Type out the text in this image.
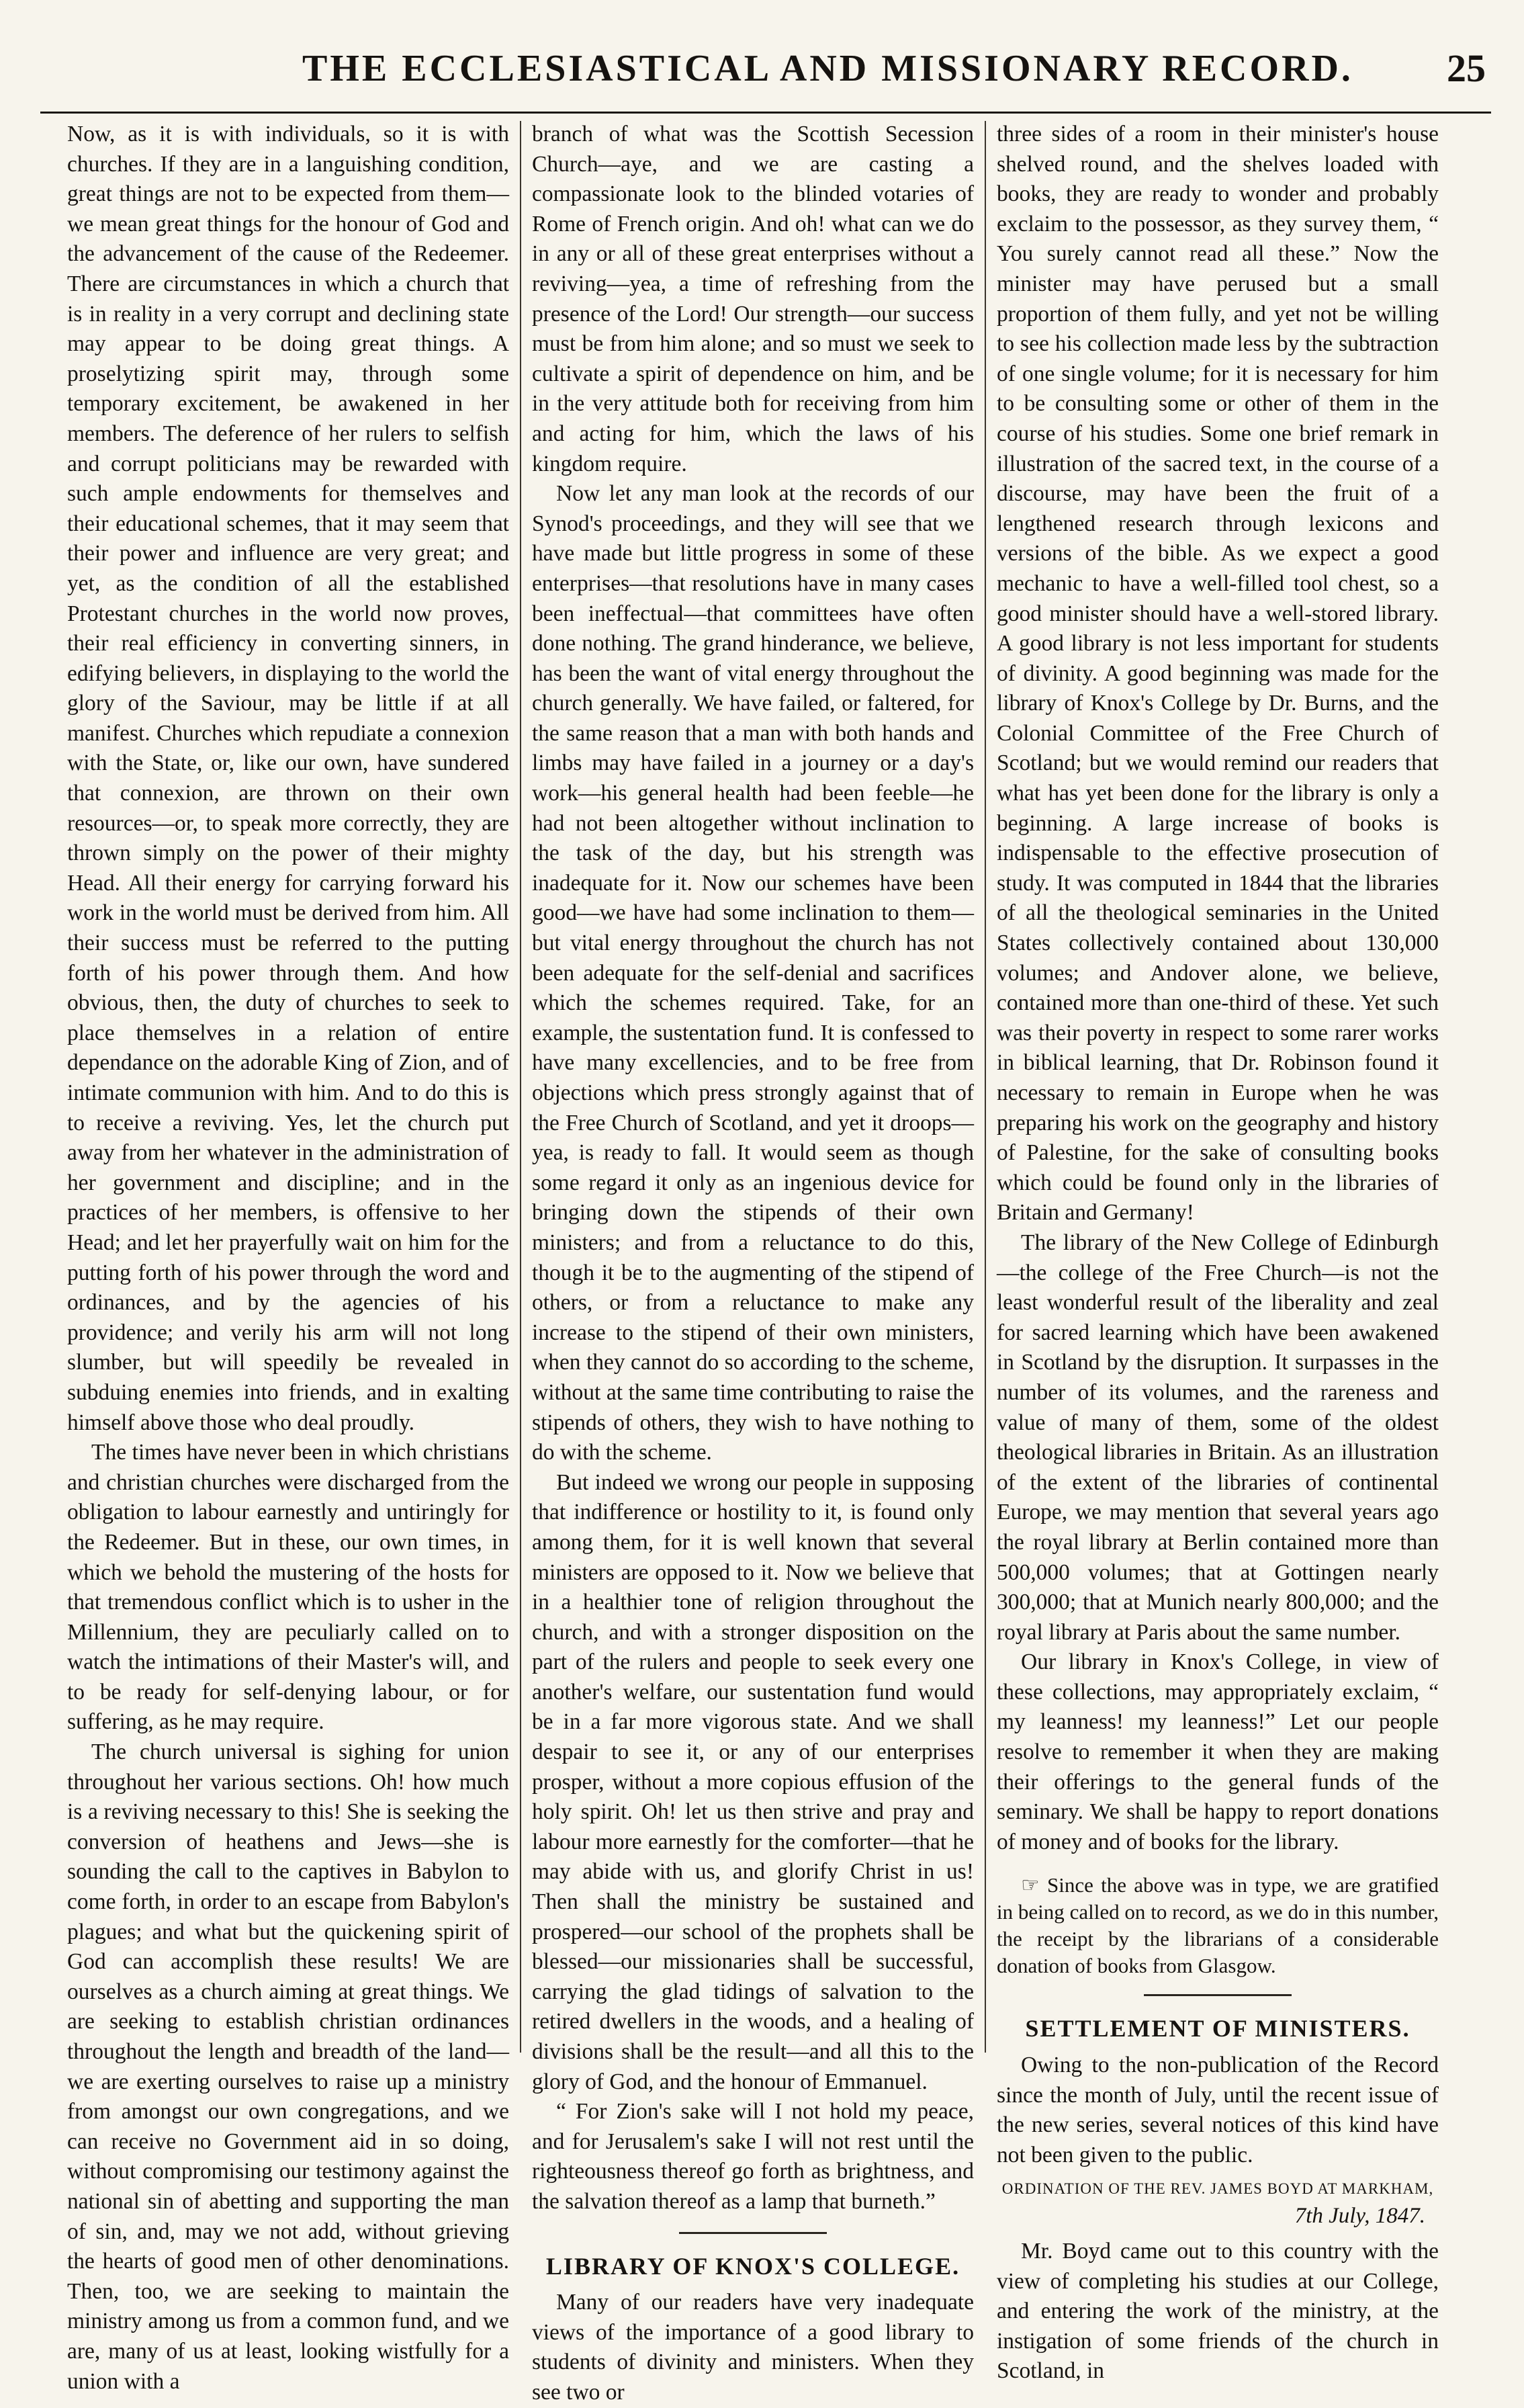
THE ECCLESIASTICAL AND MISSIONARY RECORD. 25

Now, as it is with individuals, so it is with churches. If they are in a languishing condition, great things are not to be expected from them—we mean great things for the honour of God and the advancement of the cause of the Redeemer. There are circumstances in which a church that is in reality in a very corrupt and declining state may appear to be doing great things. A proselytizing spirit may, through some temporary excitement, be awakened in her members. The deference of her rulers to selfish and corrupt politicians may be rewarded with such ample endowments for themselves and their educational schemes, that it may seem that their power and influence are very great; and yet, as the condition of all the established Protestant churches in the world now proves, their real efficiency in converting sinners, in edifying believers, in displaying to the world the glory of the Saviour, may be little if at all manifest. Churches which repudiate a connexion with the State, or, like our own, have sundered that connexion, are thrown on their own resources—or, to speak more correctly, they are thrown simply on the power of their mighty Head. All their energy for carrying forward his work in the world must be derived from him. All their success must be referred to the putting forth of his power through them. And how obvious, then, the duty of churches to seek to place themselves in a relation of entire dependance on the adorable King of Zion, and of intimate communion with him. And to do this is to receive a reviving. Yes, let the church put away from her whatever in the administration of her government and discipline; and in the practices of her members, is offensive to her Head; and let her prayerfully wait on him for the putting forth of his power through the word and ordinances, and by the agencies of his providence; and verily his arm will not long slumber, but will speedily be revealed in subduing enemies into friends, and in exalting himself above those who deal proudly.

The times have never been in which christians and christian churches were discharged from the obligation to labour earnestly and untiringly for the Redeemer. But in these, our own times, in which we behold the mustering of the hosts for that tremendous conflict which is to usher in the Millennium, they are peculiarly called on to watch the intimations of their Master's will, and to be ready for self-denying labour, or for suffering, as he may require.

The church universal is sighing for union throughout her various sections. Oh! how much is a reviving necessary to this! She is seeking the conversion of heathens and Jews—she is sounding the call to the captives in Babylon to come forth, in order to an escape from Babylon's plagues; and what but the quickening spirit of God can accomplish these results! We are ourselves as a church aiming at great things. We are seeking to establish christian ordinances throughout the length and breadth of the land—we are exerting ourselves to raise up a ministry from amongst our own congregations, and we can receive no Government aid in so doing, without compromising our testimony against the national sin of abetting and supporting the man of sin, and, may we not add, without grieving the hearts of good men of other denominations. Then, too, we are seeking to maintain the ministry among us from a common fund, and we are, many of us at least, looking wistfully for a union with a

branch of what was the Scottish Secession Church—aye, and we are casting a compassionate look to the blinded votaries of Rome of French origin. And oh! what can we do in any or all of these great enterprises without a reviving—yea, a time of refreshing from the presence of the Lord! Our strength—our success must be from him alone; and so must we seek to cultivate a spirit of dependence on him, and be in the very attitude both for receiving from him and acting for him, which the laws of his kingdom require.

Now let any man look at the records of our Synod's proceedings, and they will see that we have made but little progress in some of these enterprises—that resolutions have in many cases been ineffectual—that committees have often done nothing. The grand hinderance, we believe, has been the want of vital energy throughout the church generally. We have failed, or faltered, for the same reason that a man with both hands and limbs may have failed in a journey or a day's work—his general health had been feeble—he had not been altogether without inclination to the task of the day, but his strength was inadequate for it. Now our schemes have been good—we have had some inclination to them—but vital energy throughout the church has not been adequate for the self-denial and sacrifices which the schemes required. Take, for an example, the sustentation fund. It is confessed to have many excellencies, and to be free from objections which press strongly against that of the Free Church of Scotland, and yet it droops—yea, is ready to fall. It would seem as though some regard it only as an ingenious device for bringing down the stipends of their own ministers; and from a reluctance to do this, though it be to the augmenting of the stipend of others, or from a reluctance to make any increase to the stipend of their own ministers, when they cannot do so according to the scheme, without at the same time contributing to raise the stipends of others, they wish to have nothing to do with the scheme.

But indeed we wrong our people in supposing that indifference or hostility to it, is found only among them, for it is well known that several ministers are opposed to it. Now we believe that in a healthier tone of religion throughout the church, and with a stronger disposition on the part of the rulers and people to seek every one another's welfare, our sustentation fund would be in a far more vigorous state. And we shall despair to see it, or any of our enterprises prosper, without a more copious effusion of the holy spirit. Oh! let us then strive and pray and labour more earnestly for the comforter—that he may abide with us, and glorify Christ in us! Then shall the ministry be sustained and prospered—our school of the prophets shall be blessed—our missionaries shall be successful, carrying the glad tidings of salvation to the retired dwellers in the woods, and a healing of divisions shall be the result—and all this to the glory of God, and the honour of Emmanuel.

“ For Zion's sake will I not hold my peace, and for Jerusalem's sake I will not rest until the righteousness thereof go forth as brightness, and the salvation thereof as a lamp that burneth.”

LIBRARY OF KNOX'S COLLEGE.

Many of our readers have very inadequate views of the importance of a good library to students of divinity and ministers. When they see two or

three sides of a room in their minister's house shelved round, and the shelves loaded with books, they are ready to wonder and probably exclaim to the possessor, as they survey them, “ You surely cannot read all these.” Now the minister may have perused but a small proportion of them fully, and yet not be willing to see his collection made less by the subtraction of one single volume; for it is necessary for him to be consulting some or other of them in the course of his studies. Some one brief remark in illustration of the sacred text, in the course of a discourse, may have been the fruit of a lengthened research through lexicons and versions of the bible. As we expect a good mechanic to have a well-filled tool chest, so a good minister should have a well-stored library. A good library is not less important for students of divinity. A good beginning was made for the library of Knox's College by Dr. Burns, and the Colonial Committee of the Free Church of Scotland; but we would remind our readers that what has yet been done for the library is only a beginning. A large increase of books is indispensable to the effective prosecution of study. It was computed in 1844 that the libraries of all the theological seminaries in the United States collectively contained about 130,000 volumes; and Andover alone, we believe, contained more than one-third of these. Yet such was their poverty in respect to some rarer works in biblical learning, that Dr. Robinson found it necessary to remain in Europe when he was preparing his work on the geography and history of Palestine, for the sake of consulting books which could be found only in the libraries of Britain and Germany!

The library of the New College of Edinburgh —the college of the Free Church—is not the least wonderful result of the liberality and zeal for sacred learning which have been awakened in Scotland by the disruption. It surpasses in the number of its volumes, and the rareness and value of many of them, some of the oldest theological libraries in Britain. As an illustration of the extent of the libraries of continental Europe, we may mention that several years ago the royal library at Berlin contained more than 500,000 volumes; that at Gottingen nearly 300,000; that at Munich nearly 800,000; and the royal library at Paris about the same number.

Our library in Knox's College, in view of these collections, may appropriately exclaim, “ my leanness! my leanness!” Let our people resolve to remember it when they are making their offerings to the general funds of the seminary. We shall be happy to report donations of money and of books for the library.

☞ Since the above was in type, we are gratified in being called on to record, as we do in this number, the receipt by the librarians of a considerable donation of books from Glasgow.

SETTLEMENT OF MINISTERS.

Owing to the non-publication of the Record since the month of July, until the recent issue of the new series, several notices of this kind have not been given to the public.

ORDINATION OF THE REV. JAMES BOYD AT MARKHAM,
7th July, 1847.

Mr. Boyd came out to this country with the view of completing his studies at our College, and entering the work of the ministry, at the instigation of some friends of the church in Scotland, in
